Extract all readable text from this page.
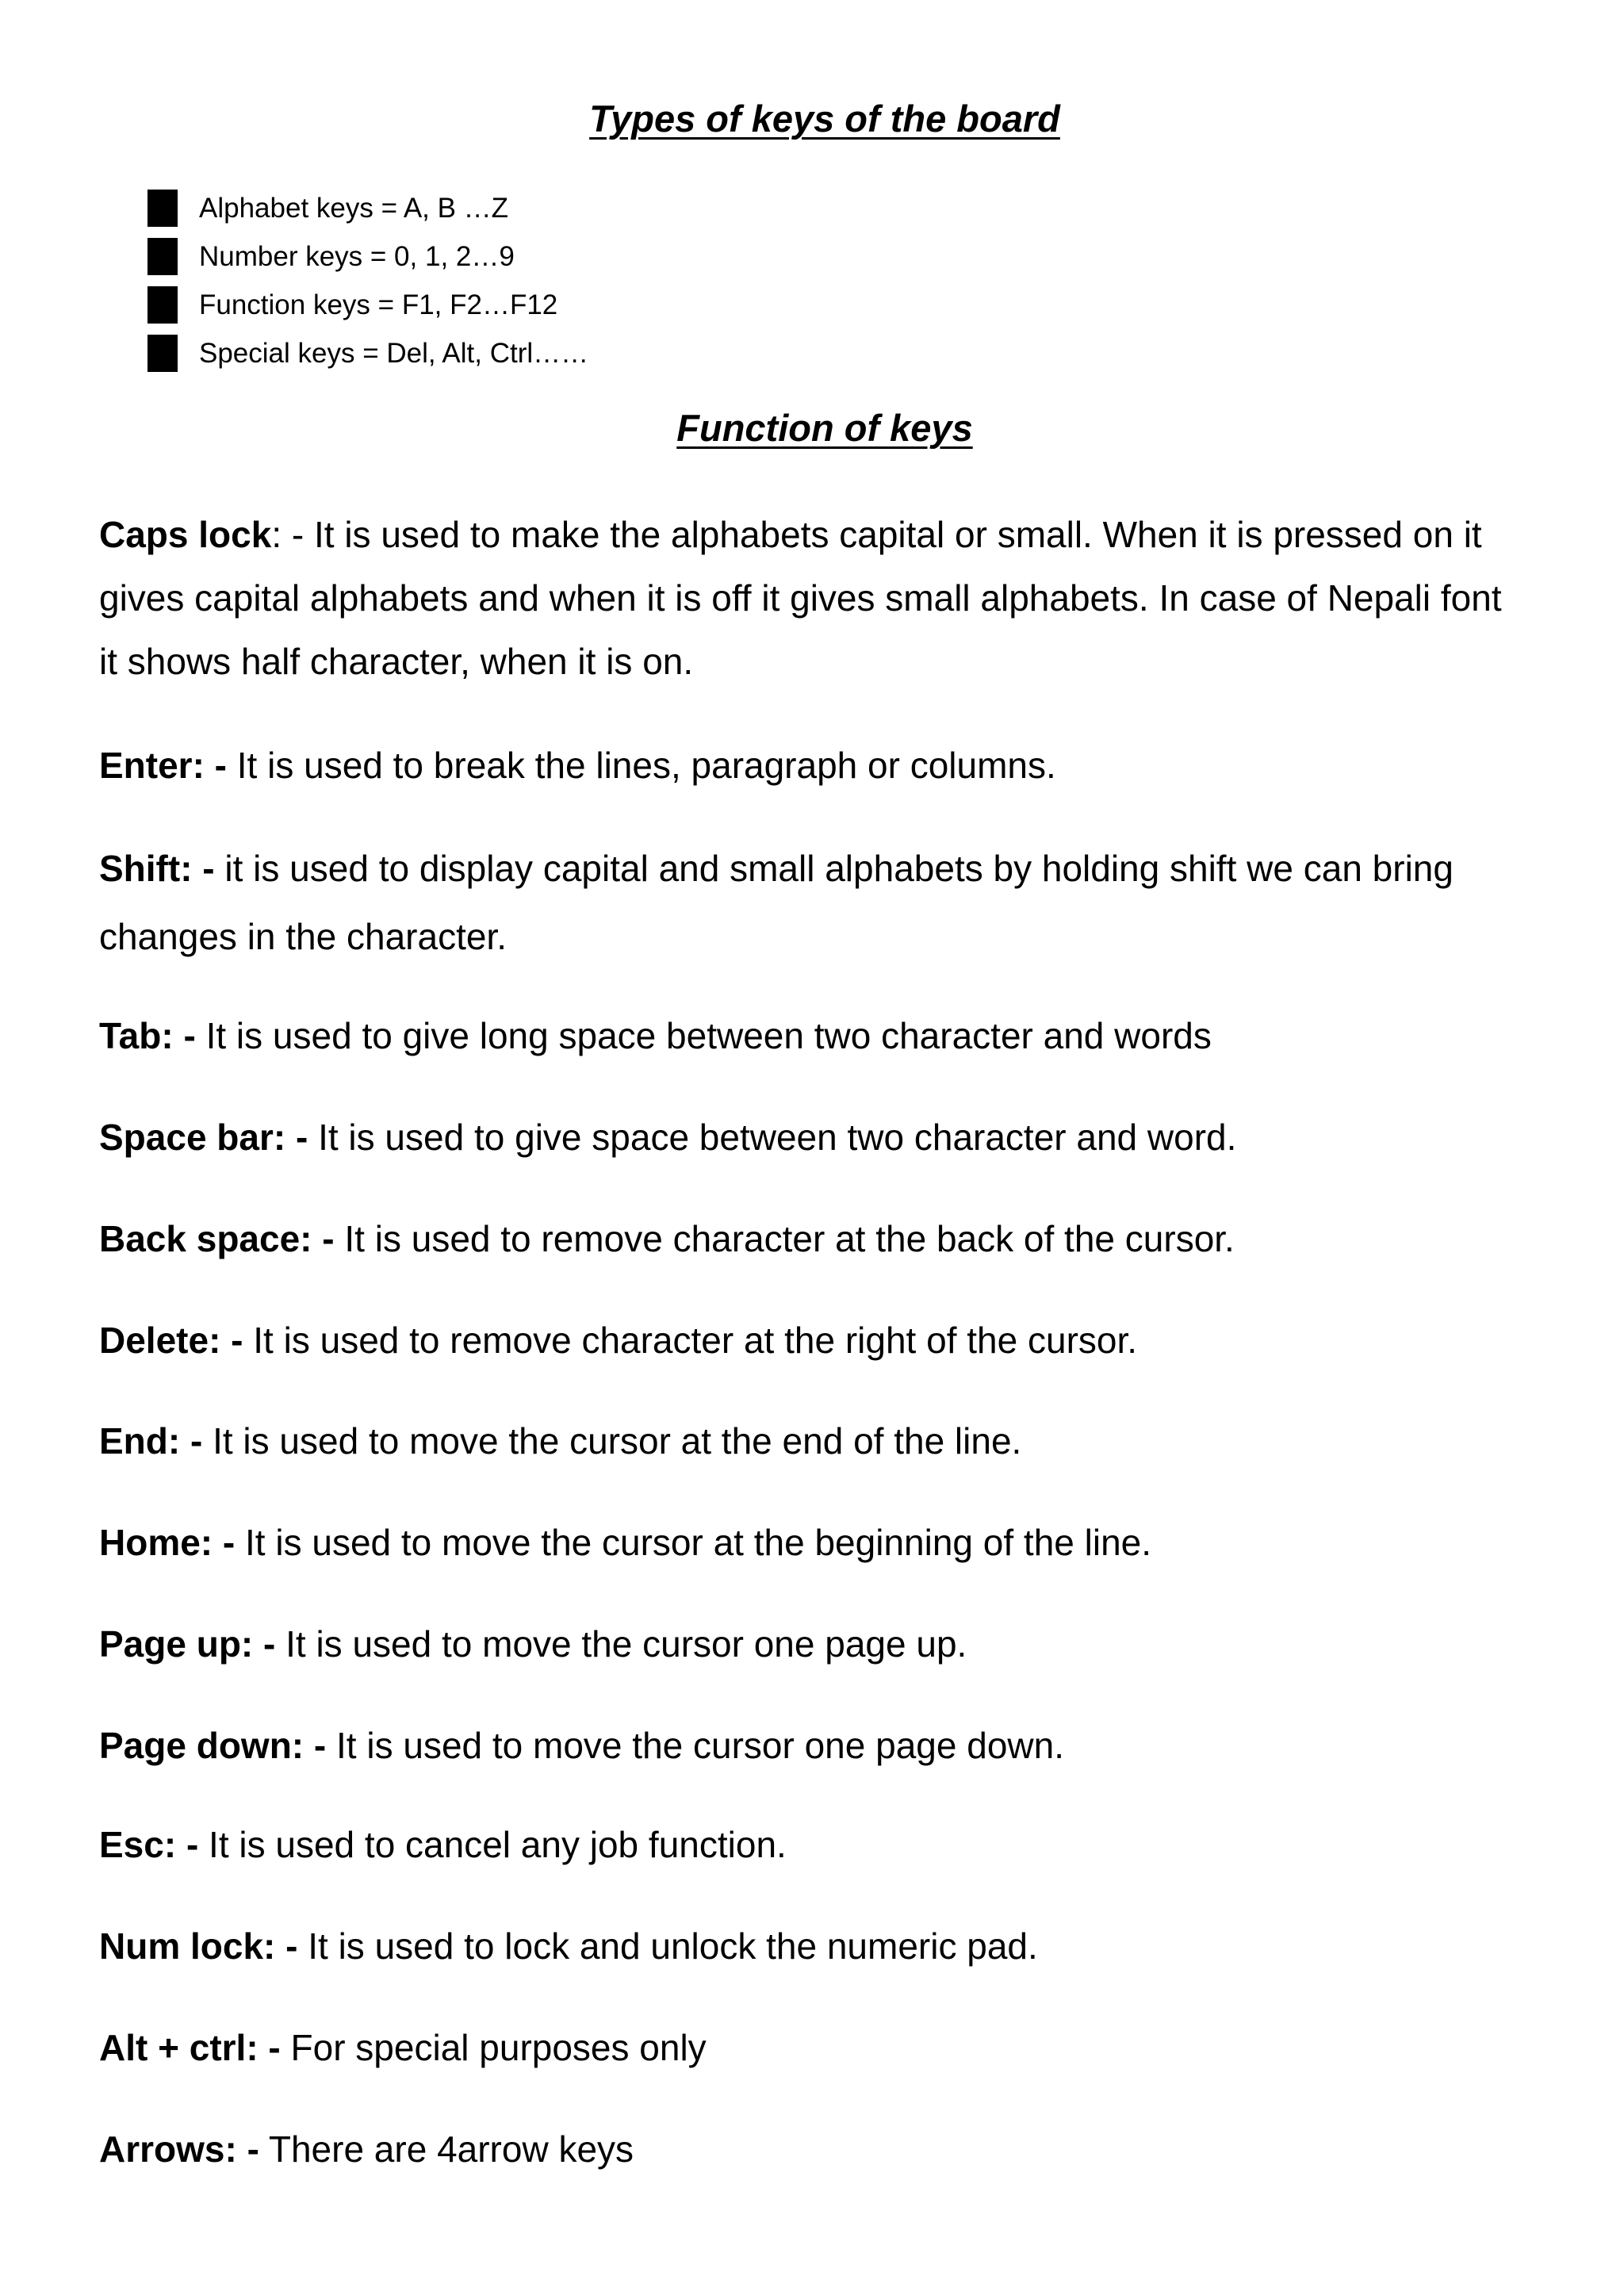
Types of keys of the board
Alphabet keys = A, B …Z
Number keys = 0, 1, 2…9
Function keys = F1, F2…F12
Special keys = Del, Alt, Ctrl……
Function of keys

Caps lock: - It is used to make the alphabets capital or small. When it is pressed on it gives capital alphabets and when it is off it gives small alphabets. In case of Nepali font it shows half character, when it is on.

Enter: - It is used to break the lines, paragraph or columns.

Shift: - it is used to display capital and small alphabets by holding shift we can bring changes in the character.

Tab: - It is used to give long space between two character and words

Space bar: - It is used to give space between two character and word.

Back space: - It is used to remove character at the back of the cursor.

Delete: - It is used to remove character at the right of the cursor.

End: - It is used to move the cursor at the end of the line.

Home: - It is used to move the cursor at the beginning of the line.

Page up: - It is used to move the cursor one page up.

Page down: - It is used to move the cursor one page down.

Esc: - It is used to cancel any job function.

Num lock: - It is used to lock and unlock the numeric pad.

Alt + ctrl: - For special purposes only

Arrows: - There are 4arrow keys
